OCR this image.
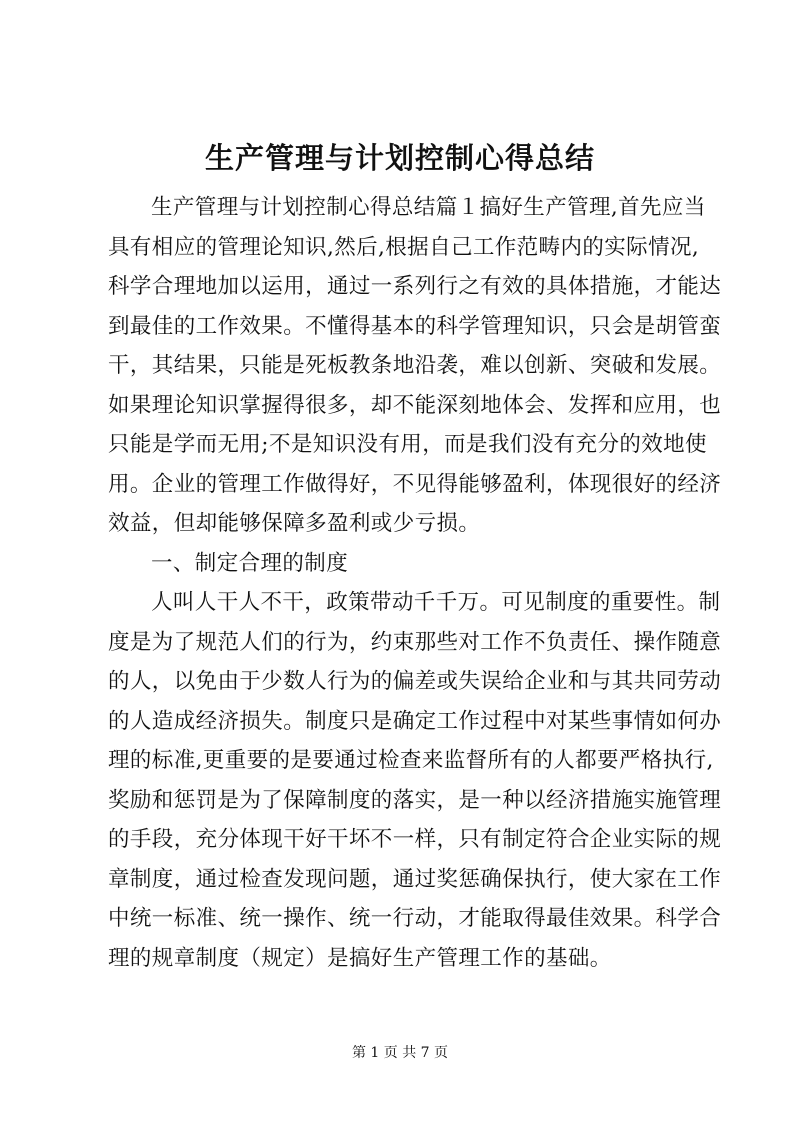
生产管理与计划控制心得总结
生产管理与计划控制心得总结篇１搞好生产管理,首先应当
具有相应的管理论知识,然后,根据自己工作范畴内的实际情况,
科学合理地加以运用，通过一系列行之有效的具体措施，才能达
到最佳的工作效果。不懂得基本的科学管理知识，只会是胡管蛮
干，其结果，只能是死板教条地沿袭，难以创新、突破和发展。
如果理论知识掌握得很多，却不能深刻地体会、发挥和应用，也
只能是学而无用;不是知识没有用，而是我们没有充分的效地使
用。企业的管理工作做得好，不见得能够盈利，体现很好的经济
效益，但却能够保障多盈利或少亏损。
一、制定合理的制度
人叫人干人不干，政策带动千千万。可见制度的重要性。制
度是为了规范人们的行为，约束那些对工作不负责任、操作随意
的人，以免由于少数人行为的偏差或失误给企业和与其共同劳动
的人造成经济损失。制度只是确定工作过程中对某些事情如何办
理的标准,更重要的是要通过检查来监督所有的人都要严格执行,
奖励和惩罚是为了保障制度的落实，是一种以经济措施实施管理
的手段，充分体现干好干坏不一样，只有制定符合企业实际的规
章制度，通过检查发现问题，通过奖惩确保执行，使大家在工作
中统一标准、统一操作、统一行动，才能取得最佳效果。科学合
理的规章制度（规定）是搞好生产管理工作的基础。
第 1 页 共 7 页
